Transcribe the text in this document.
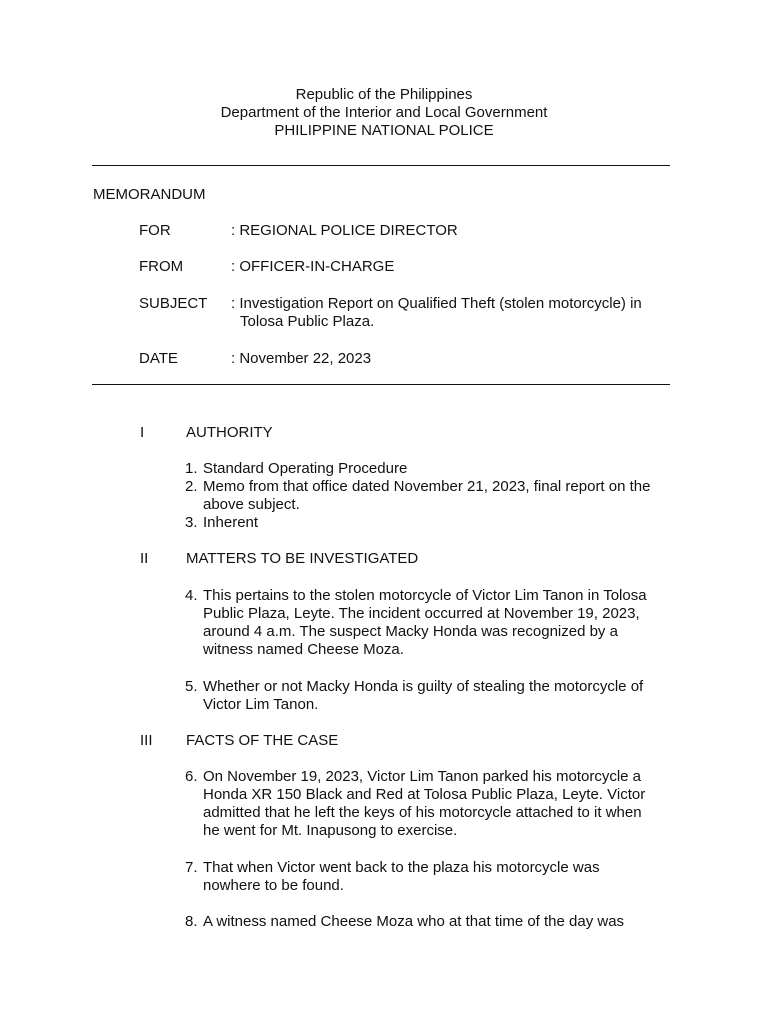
Republic of the Philippines
Department of the Interior and Local Government
PHILIPPINE NATIONAL POLICE
MEMORANDUM
FOR	: REGIONAL POLICE DIRECTOR
FROM	: OFFICER-IN-CHARGE
SUBJECT	: Investigation Report on Qualified Theft (stolen motorcycle) in
Tolosa Public Plaza.
DATE	: November 22, 2023
I	AUTHORITY
1. Standard Operating Procedure
2. Memo from that office dated November 21, 2023, final report on the
above subject.
3. Inherent
II	MATTERS TO BE INVESTIGATED
4. This pertains to the stolen motorcycle of Victor Lim Tanon in Tolosa
Public Plaza, Leyte. The incident occurred at November 19, 2023,
around 4 a.m. The suspect Macky Honda was recognized by a
witness named Cheese Moza.
5. Whether or not Macky Honda is guilty of stealing the motorcycle of
Victor Lim Tanon.
III FACTS OF THE CASE
6. On November 19, 2023, Victor Lim Tanon parked his motorcycle a
Honda XR 150 Black and Red at Tolosa Public Plaza, Leyte. Victor
admitted that he left the keys of his motorcycle attached to it when
he went for Mt. Inapusong to exercise.
7. That when Victor went back to the plaza his motorcycle was
nowhere to be found.
8. A witness named Cheese Moza who at that time of the day was
